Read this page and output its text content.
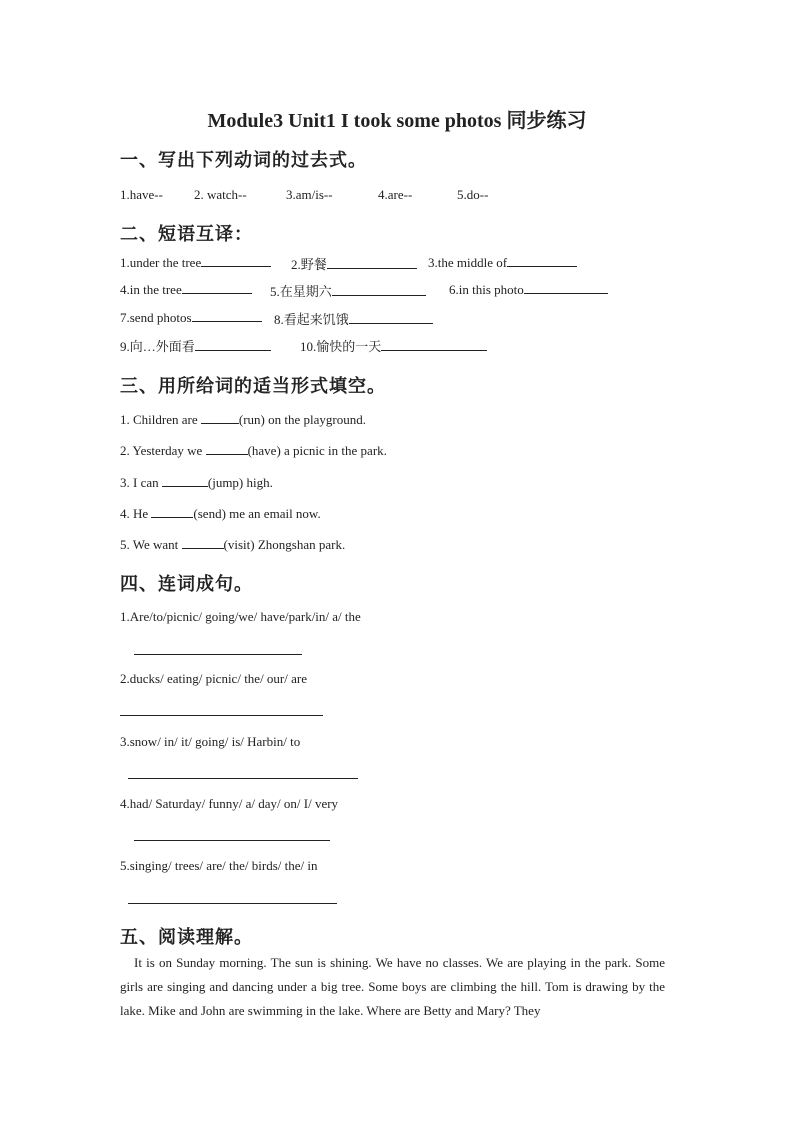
Module3 Unit1 I took some photos 同步练习
一、写出下列动词的过去式。
1.have-- 2. watch--	3.am/is--	4.are--	5.do--
二、短语互译：
1.under the tree	2.野餐	3.the middle of
4.in the tree	5.在星期六	6.in this photo
7.send photos	8.看起来饥饿
9.向…外面看	10.愉快的一天
三、用所给词的适当形式填空。
1. Children are	(run) on the playground.
2. Yesterday we	(have) a picnic in the park.
3. I can	(jump) high.
4. He	(send) me an email now.
5. We want	(visit) Zhongshan park.
四、连词成句。
1.Are/to/picnic/ going/we/ have/park/in/ a/ the
2.ducks/ eating/ picnic/ the/ our/ are
3.snow/ in/ it/ going/ is/ Harbin/ to
4.had/ Saturday/ funny/ a/ day/ on/ I/ very
5.singing/ trees/ are/ the/ birds/ the/ in
五、阅读理解。
It is on Sunday morning. The sun is shining. We have no classes. We are playing in the park. Some girls are singing and dancing under a big tree. Some boys are climbing the hill. Tom is drawing by the lake. Mike and John are swimming in the lake. Where are Betty and Mary? They
